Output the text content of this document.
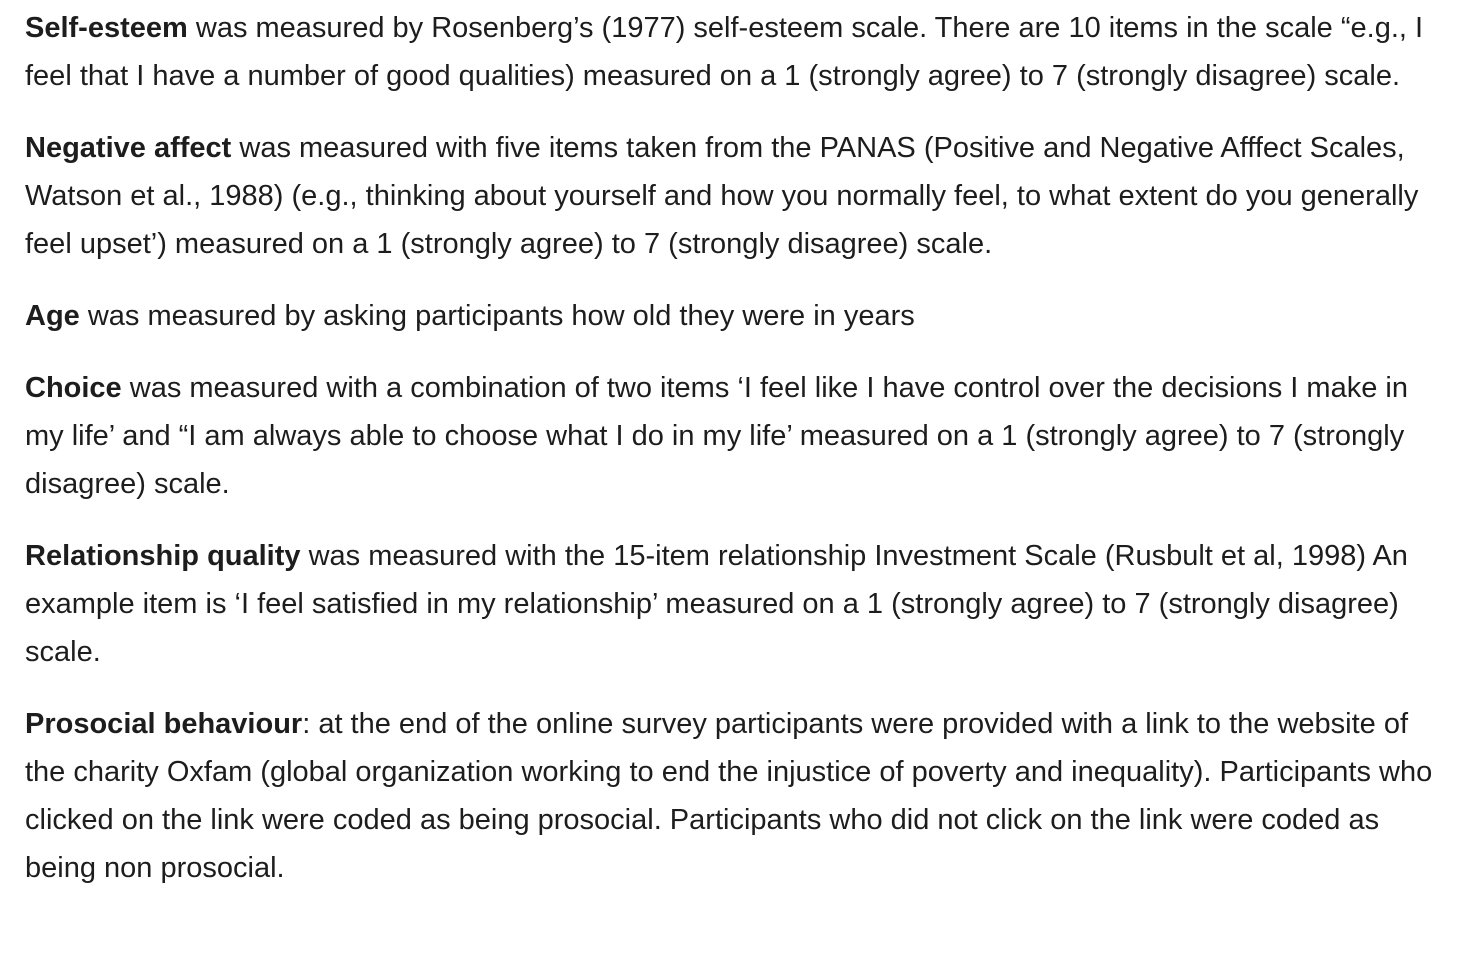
Self-esteem was measured by Rosenberg’s (1977) self-esteem scale. There are 10 items in the scale “e.g., I feel that I have a number of good qualities) measured on a 1 (strongly agree) to 7 (strongly disagree) scale.

Negative affect was measured with five items taken from the PANAS (Positive and Negative Afffect Scales, Watson et al., 1988) (e.g., thinking about yourself and how you normally feel, to what extent do you generally feel upset’) measured on a 1 (strongly agree) to 7 (strongly disagree) scale.

Age was measured by asking participants how old they were in years

Choice was measured with a combination of two items ‘I feel like I have control over the decisions I make in my life’ and “I am always able to choose what I do in my life’ measured on a 1 (strongly agree) to 7 (strongly disagree) scale.

Relationship quality was measured with the 15-item relationship Investment Scale (Rusbult et al, 1998) An example item is ‘I feel satisfied in my relationship’ measured on a 1 (strongly agree) to 7 (strongly disagree) scale.

Prosocial behaviour: at the end of the online survey participants were provided with a link to the website of the charity Oxfam (global organization working to end the injustice of poverty and inequality). Participants who clicked on the link were coded as being prosocial. Participants who did not click on the link were coded as being non prosocial.
